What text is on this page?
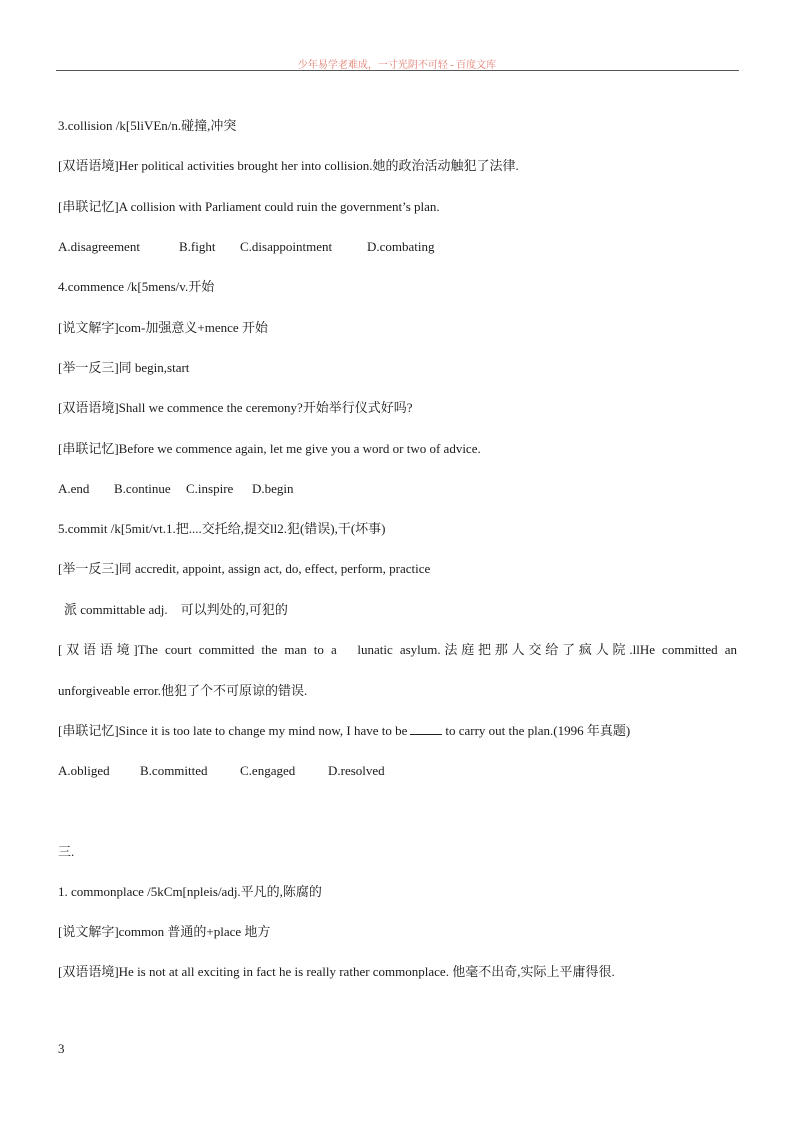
少年易学老难成，一寸光阴不可轻 - 百度文库
3.collision /k[5liVEn/n.碰撞,冲突
[双语语境]Her political activities brought her into collision.她的政治活动触犯了法律.
[串联记忆]A collision with Parliament could ruin the government’s plan.
A.disagreement	B.fight C.disappointment	D.combating
4.commence /k[5mens/v.开始
[说文解字]com-加强意义+mence 开始
[举一反三]同 begin,start
[双语语境]Shall we commence the ceremony?开始举行仪式好吗?
[串联记忆]Before we commence again, let me give you a word or two of advice.
A.end B.continue C.inspire D.begin
5.commit /k[5mit/vt.1.把....交托给,提交ll2.犯(错误),干(坏事)
[举一反三]同 accredit, appoint, assign act, do, effect, perform, practice
派 committable adj.　可以判处的,可犯的
[双语语境]The court committed the man to a　lunatic asylum.法庭把那人交给了疯人院.llHe committed an
unforgiveable error.他犯了个不可原谅的错误.
[串联记忆]Since it is too late to change my mind now, I have to be	to carry out the plan.(1996 年真题)
A.obliged B.committed C.engaged	D.resolved
三.
1. commonplace /5kCm[npleis/adj.平凡的,陈腐的
[说文解字]common 普通的+place 地方
[双语语境]He is not at all exciting in fact he is really rather commonplace. 他毫不出奇,实际上平庸得很.
3
